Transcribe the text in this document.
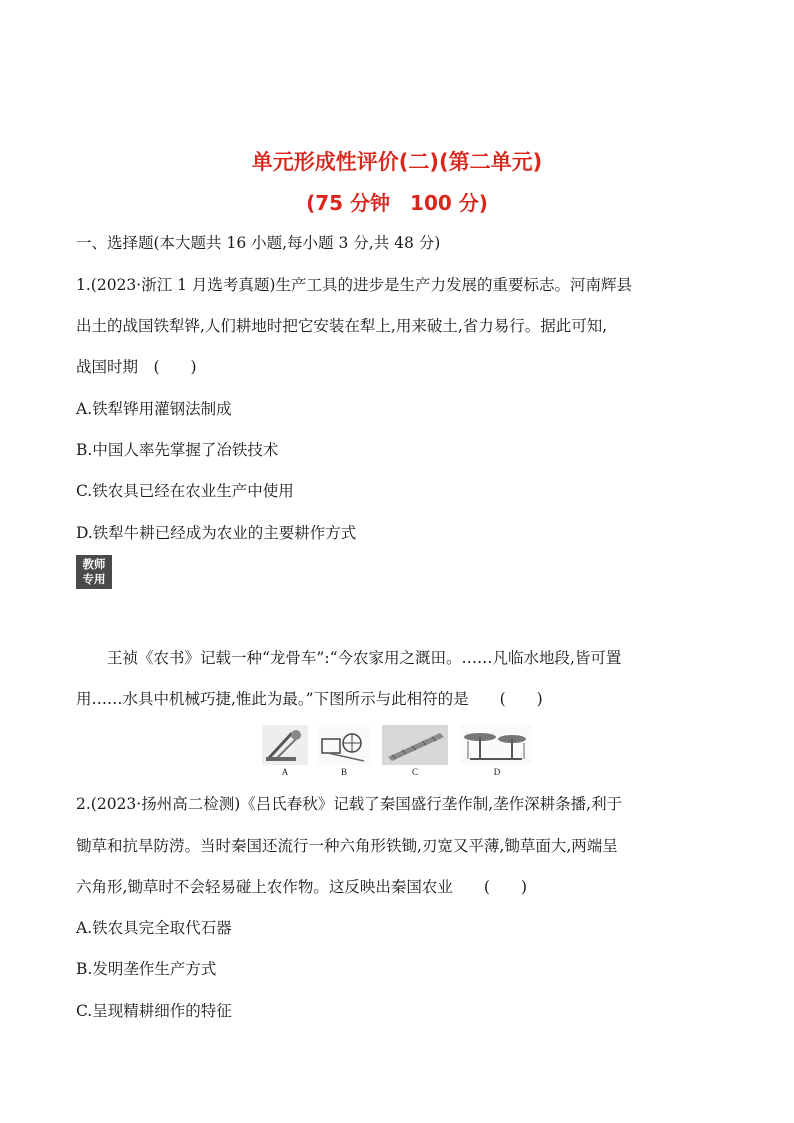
单元形成性评价(二)(第二单元)
(75 分钟　100 分)
一、选择题(本大题共 16 小题,每小题 3 分,共 48 分)
1.(2023·浙江 1 月选考真题)生产工具的进步是生产力发展的重要标志。河南辉县
出土的战国铁犁铧,人们耕地时把它安装在犁上,用来破土,省力易行。据此可知,
战国时期　(　　)
A.铁犁铧用灌钢法制成
B.中国人率先掌握了冶铁技术
C.铁农具已经在农业生产中使用
D.铁犁牛耕已经成为农业的主要耕作方式
教师
专用
　　王祯《农书》记载一种“龙骨车”:“今农家用之溉田。……凡临水地段,皆可置
用……水具中机械巧捷,惟此为最。”下图所示与此相符的是　　(　　)
A	B	C	D
2.(2023·扬州高二检测)《吕氏春秋》记载了秦国盛行垄作制,垄作深耕条播,利于
锄草和抗旱防涝。当时秦国还流行一种六角形铁锄,刃宽又平薄,锄草面大,两端呈
六角形,锄草时不会轻易碰上农作物。这反映出秦国农业　　(　　)
A.铁农具完全取代石器
B.发明垄作生产方式
C.呈现精耕细作的特征
